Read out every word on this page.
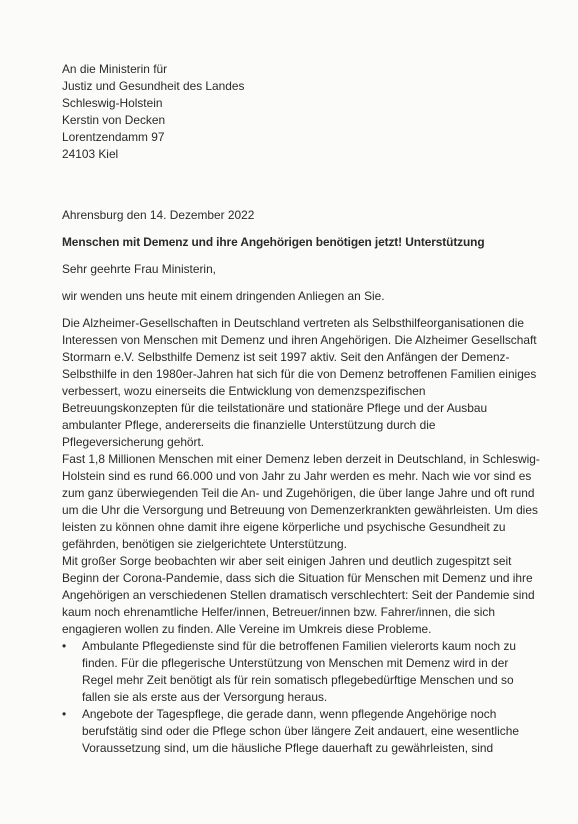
An die Ministerin für
Justiz und Gesundheit des Landes
Schleswig-Holstein
Kerstin von Decken
Lorentzendamm 97
24103 Kiel
Ahrensburg den 14. Dezember 2022
Menschen mit Demenz und ihre Angehörigen benötigen jetzt! Unterstützung
Sehr geehrte Frau Ministerin,
wir wenden uns heute mit einem dringenden Anliegen an Sie.
Die Alzheimer-Gesellschaften in Deutschland vertreten als Selbsthilfeorganisationen die
Interessen von Menschen mit Demenz und ihren Angehörigen. Die Alzheimer Gesellschaft
Stormarn e.V. Selbsthilfe Demenz ist seit 1997 aktiv. Seit den Anfängen der Demenz-
Selbsthilfe in den 1980er-Jahren hat sich für die von Demenz betroffenen Familien einiges
verbessert, wozu einerseits die Entwicklung von demenzspezifischen
Betreuungskonzepten für die teilstationäre und stationäre Pflege und der Ausbau
ambulanter Pflege, andererseits die finanzielle Unterstützung durch die
Pflegeversicherung gehört.
Fast 1,8 Millionen Menschen mit einer Demenz leben derzeit in Deutschland, in Schleswig-
Holstein sind es rund 66.000 und von Jahr zu Jahr werden es mehr. Nach wie vor sind es
zum ganz überwiegenden Teil die An- und Zugehörigen, die über lange Jahre und oft rund
um die Uhr die Versorgung und Betreuung von Demenzerkrankten gewährleisten. Um dies
leisten zu können ohne damit ihre eigene körperliche und psychische Gesundheit zu
gefährden, benötigen sie zielgerichtete Unterstützung.
Mit großer Sorge beobachten wir aber seit einigen Jahren und deutlich zugespitzt seit
Beginn der Corona-Pandemie, dass sich die Situation für Menschen mit Demenz und ihre
Angehörigen an verschiedenen Stellen dramatisch verschlechtert: Seit der Pandemie sind
kaum noch ehrenamtliche Helfer/innen, Betreuer/innen bzw. Fahrer/innen, die sich
engagieren wollen zu finden. Alle Vereine im Umkreis diese Probleme.
• Ambulante Pflegedienste sind für die betroffenen Familien vielerorts kaum noch zu
finden. Für die pflegerische Unterstützung von Menschen mit Demenz wird in der
Regel mehr Zeit benötigt als für rein somatisch pflegebedürftige Menschen und so
fallen sie als erste aus der Versorgung heraus.
• Angebote der Tagespflege, die gerade dann, wenn pflegende Angehörige noch
berufstätig sind oder die Pflege schon über längere Zeit andauert, eine wesentliche
Voraussetzung sind, um die häusliche Pflege dauerhaft zu gewährleisten, sind
